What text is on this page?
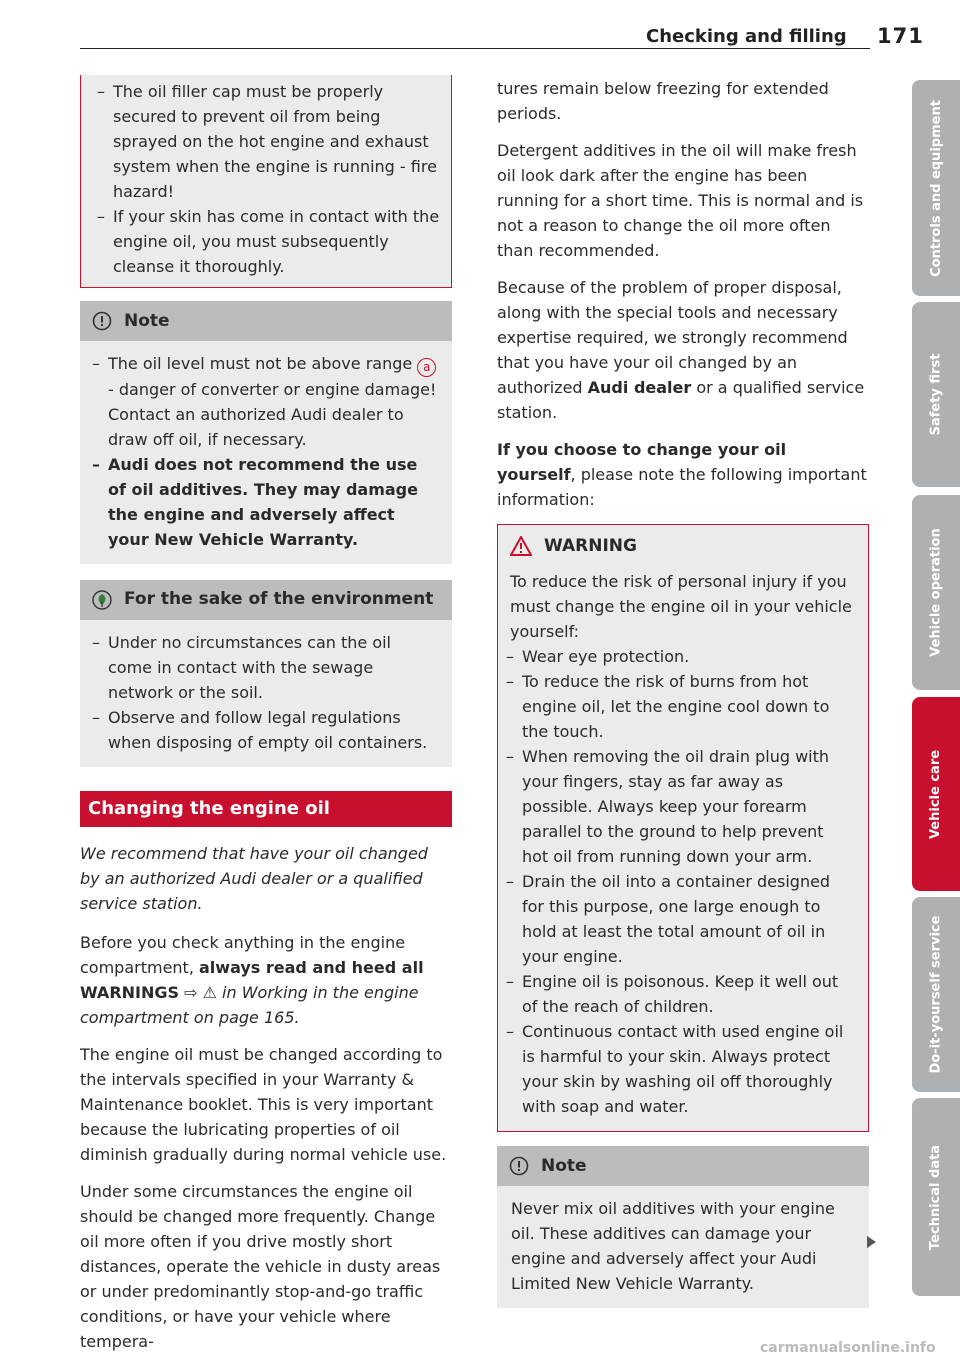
Checking and filling 171
– The oil filler cap must be properly secured to prevent oil from being sprayed on the hot engine and exhaust system when the engine is running - fire hazard!
– If your skin has come in contact with the engine oil, you must subsequently cleanse it thoroughly.
Note
– The oil level must not be above range a
- danger of converter or engine damage! Contact an authorized Audi dealer to draw off oil, if necessary.
– Audi does not recommend the use of oil additives. They may damage the engine and adversely affect your New Vehicle Warranty.
For the sake of the environment
– Under no circumstances can the oil come in contact with the sewage network or the soil.
– Observe and follow legal regulations when disposing of empty oil containers.
Changing the engine oil

We recommend that have your oil changed by an authorized Audi dealer or a qualified service station.

Before you check anything in the engine compartment, always read and heed all WARNINGS ⇨ ⚠ in Working in the engine compartment on page 165.

The engine oil must be changed according to the intervals specified in your Warranty & Maintenance booklet. This is very important because the lubricating properties of oil diminish gradually during normal vehicle use.

Under some circumstances the engine oil should be changed more frequently. Change oil more often if you drive mostly short distances, operate the vehicle in dusty areas or under predominantly stop-and-go traffic conditions, or have your vehicle where tempera-

tures remain below freezing for extended periods.

Detergent additives in the oil will make fresh oil look dark after the engine has been running for a short time. This is normal and is not a reason to change the oil more often than recommended.

Because of the problem of proper disposal, along with the special tools and necessary expertise required, we strongly recommend that you have your oil changed by an authorized Audi dealer or a qualified service station.

If you choose to change your oil yourself, please note the following important information:

WARNING
To reduce the risk of personal injury if you must change the engine oil in your vehicle yourself:
– Wear eye protection.
– To reduce the risk of burns from hot engine oil, let the engine cool down to the touch.
– When removing the oil drain plug with your fingers, stay as far away as possible. Always keep your forearm parallel to the ground to help prevent hot oil from running down your arm.
– Drain the oil into a container designed for this purpose, one large enough to hold at least the total amount of oil in your engine.
– Engine oil is poisonous. Keep it well out of the reach of children.
– Continuous contact with used engine oil is harmful to your skin. Always protect your skin by washing oil off thoroughly with soap and water.
Note
Never mix oil additives with your engine oil. These additives can damage your engine and adversely affect your Audi Limited New Vehicle Warranty.
Controls and equipment
Safety first
Vehicle operation
Vehicle care
Do-it-yourself service
Technical data
carmanualsonline.info
